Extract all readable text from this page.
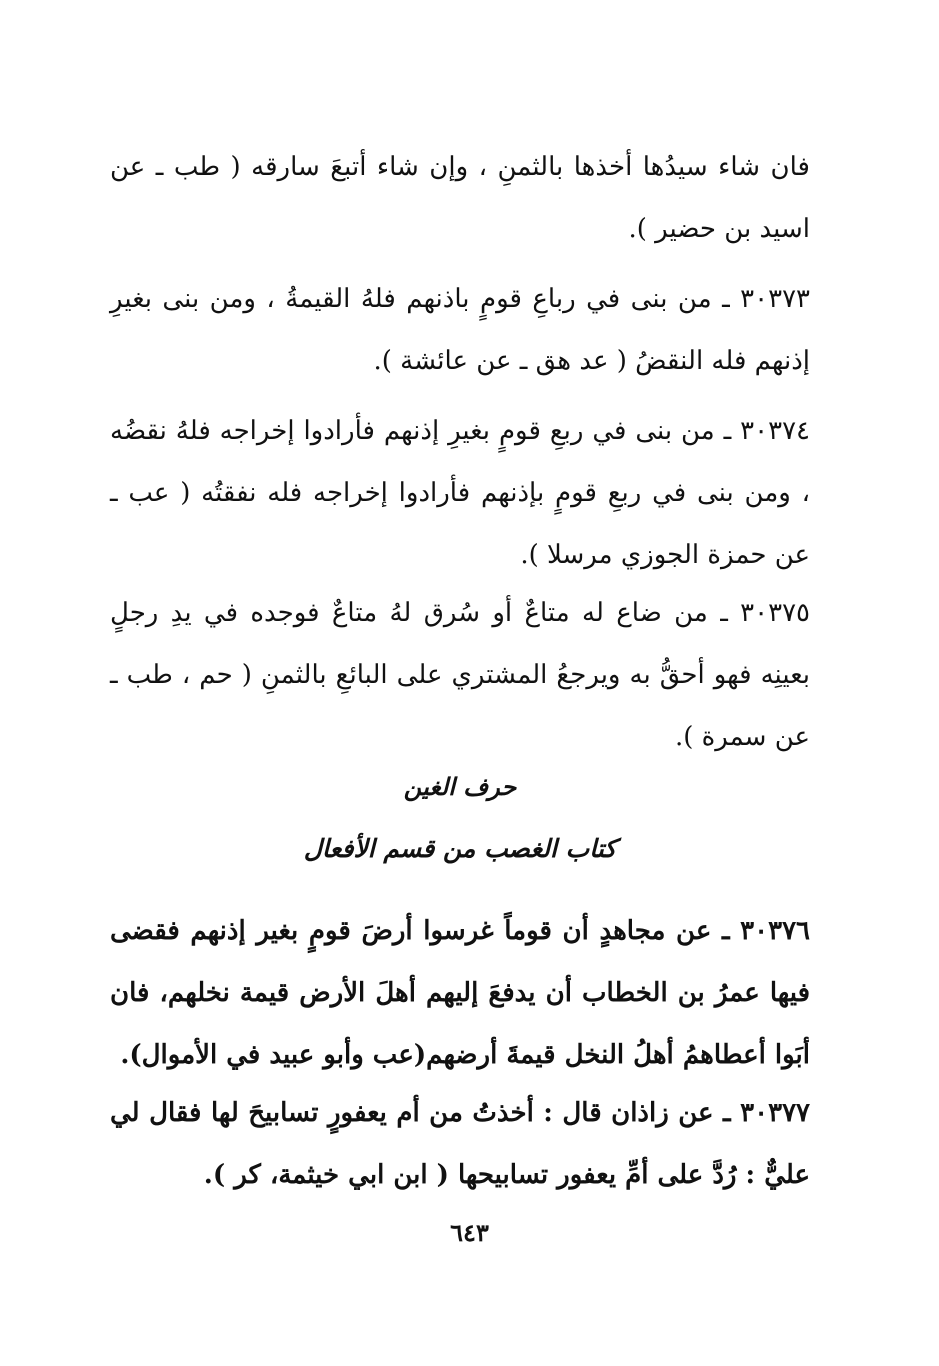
فان شاء سيدُها أخذها بالثمنِ ، وإن شاء أتبعَ سارقه ( طب ـ عن اسيد بن حضير ).

٣٠٣٧٣ ـ من بنى في رباعِ قومٍ باذنهم فلهُ القيمةُ ، ومن بنى بغيرِ إذنهم فله النقضُ ( عد هق ـ عن عائشة ).

٣٠٣٧٤ ـ من بنى في ربعِ قومٍ بغيرِ إذنهم فأرادوا إخراجه فلهُ نقضُه ، ومن بنى في ربعِ قومٍ بإذنهم فأرادوا إخراجه فله نفقتُه ( عب ـ عن حمزة الجوزي مرسلا ).

٣٠٣٧٥ ـ من ضاع له متاعٌ أو سُرق لهُ متاعٌ فوجده في يدِ رجلٍ بعينِه فهو أحقُّ به ويرجعُ المشتري على البائعِ بالثمنِ ( حم ، طب ـ عن سمرة ).

حرف الغين
كتاب الغصب من قسم الأفعال

٣٠٣٧٦ ـ عن مجاهدٍ أن قوماً غرسوا أرضَ قومٍ بغير إذنهم فقضى فيها عمرُ بن الخطاب أن يدفعَ إليهم أهلَ الأرض قيمة نخلهم، فان أبَوا أعطاهمُ أهلُ النخل قيمةَ أرضهم(عب وأبو عبيد في الأموال).

٣٠٣٧٧ ـ عن زاذان قال : أخذتُ من أم يعفورٍ تسابيحَ لها فقال لي عليٌّ : رُدَّ على أمِّ يعفور تسابيحها ( ابن ابي خيثمة، كر ).

٦٤٣
